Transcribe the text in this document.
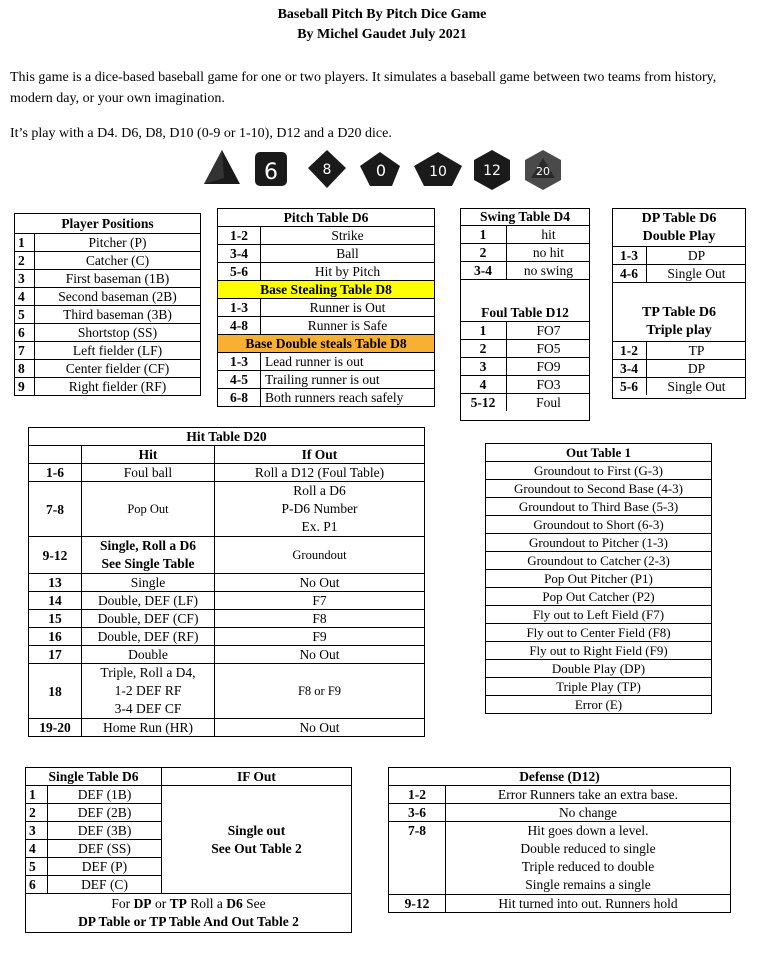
Baseball Pitch By Pitch Dice Game
By Michel Gaudet July 2021
This game is a dice-based baseball game for one or two players. It simulates a baseball game between two teams from history, modern day, or your own imagination.
It’s play with a D4. D6, D8, D10 (0-9 or 1-10), D12 and a D20 dice.
6	8	0	10	12	20
Player Positions	
1	Pitcher (P)
2	Catcher (C)
3	First baseman (1B)
4	Second baseman (2B)
5	Third baseman (3B)
6	Shortstop (SS)
7	Left fielder (LF)
8	Center fielder (CF)
9	Right fielder (RF)
Pitch Table D6	
1-2	Strike
3-4	Ball
5-6	Hit by Pitch
Base Stealing Table D8	
1-3	Runner is Out
4-8	Runner is Safe
Base Double steals Table D8	
1-3	Lead runner is out
4-5	Trailing runner is out
6-8	Both runners reach safely
Swing Table D4	
1	hit
2	no hit
3-4	no swing
Foul Table D12	
1	FO7
2	FO5
3	FO9
4	FO3
5-12	Foul
DP Table D6
Double Play
1-3	DP
4-6	Single Out
TP Table D6
Triple play
1-2	TP
3-4	DP
5-6	Single Out
Hit Table D20		
	Hit	If Out
1-6	Foul ball	Roll a D12 (Foul Table)
7-8	Pop Out	Roll a D6
P-D6 Number
Ex. P1

9-12	Single, Roll a D6
See Single Table	Groundout
13	Single	No Out
14	Double, DEF (LF)	F7
15	Double, DEF (CF)	F8
16	Double, DEF (RF)	F9
17	Double	No Out
18	Triple, Roll a D4,
1-2 DEF RF
3-4 DEF CF	F8 or F9
19-20	Home Run (HR)	No Out
Out Table 1
Groundout to First (G-3)
Groundout to Second Base (4-3)
Groundout to Third Base (5-3)
Groundout to Short (6-3)
Groundout to Pitcher (1-3)
Groundout to Catcher (2-3)
Pop Out Pitcher (P1)
Pop Out Catcher (P2)
Fly out to Left Field (F7)
Fly out to Center Field (F8)
Fly out to Right Field (F9)
Double Play (DP)
Triple Play (TP)
Error (E)
Single Table D6		IF Out
1	DEF (1B)	Single out
See Out Table 2

2	DEF (2B)	
3	DEF (3B)	
4	DEF (SS)	
5	DEF (P)	
6	DEF (C)	

For DP or TP Roll a D6 See
DP Table or TP Table And Out Table 2		
Defense (D12)	
1-2	Error Runners take an extra base.
3-6	No change
7-8	Hit goes down a level.
Double reduced to single
Triple reduced to double
Single remains a single

9-12	Hit turned into out. Runners hold
